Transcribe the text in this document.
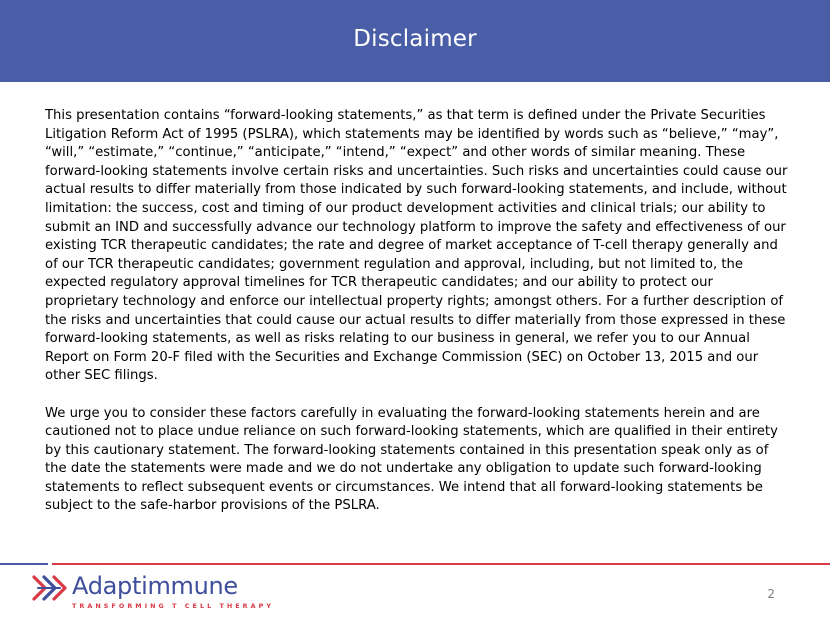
Disclaimer

This presentation contains “forward-looking statements,” as that term is defined under the Private Securities Litigation Reform Act of 1995 (PSLRA), which statements may be identified by words such as “believe,” “may”, “will,” “estimate,” “continue,” “anticipate,” “intend,” “expect” and other words of similar meaning. These forward-looking statements involve certain risks and uncertainties. Such risks and uncertainties could cause our actual results to differ materially from those indicated by such forward-looking statements, and include, without limitation: the success, cost and timing of our product development activities and clinical trials; our ability to submit an IND and successfully advance our technology platform to improve the safety and effectiveness of our existing TCR therapeutic candidates; the rate and degree of market acceptance of T-cell therapy generally and of our TCR therapeutic candidates; government regulation and approval, including, but not limited to, the expected regulatory approval timelines for TCR therapeutic candidates; and our ability to protect our proprietary technology and enforce our intellectual property rights; amongst others. For a further description of the risks and uncertainties that could cause our actual results to differ materially from those expressed in these forward-looking statements, as well as risks relating to our business in general, we refer you to our Annual Report on Form 20-F filed with the Securities and Exchange Commission (SEC) on October 13, 2015 and our other SEC filings.

We urge you to consider these factors carefully in evaluating the forward-looking statements herein and are cautioned not to place undue reliance on such forward-looking statements, which are qualified in their entirety by this cautionary statement. The forward-looking statements contained in this presentation speak only as of the date the statements were made and we do not undertake any obligation to update such forward-looking statements to reflect subsequent events or circumstances. We intend that all forward-looking statements be subject to the safe-harbor provisions of the PSLRA.

Adaptimmune
TRANSFORMING T CELL THERAPY
2
